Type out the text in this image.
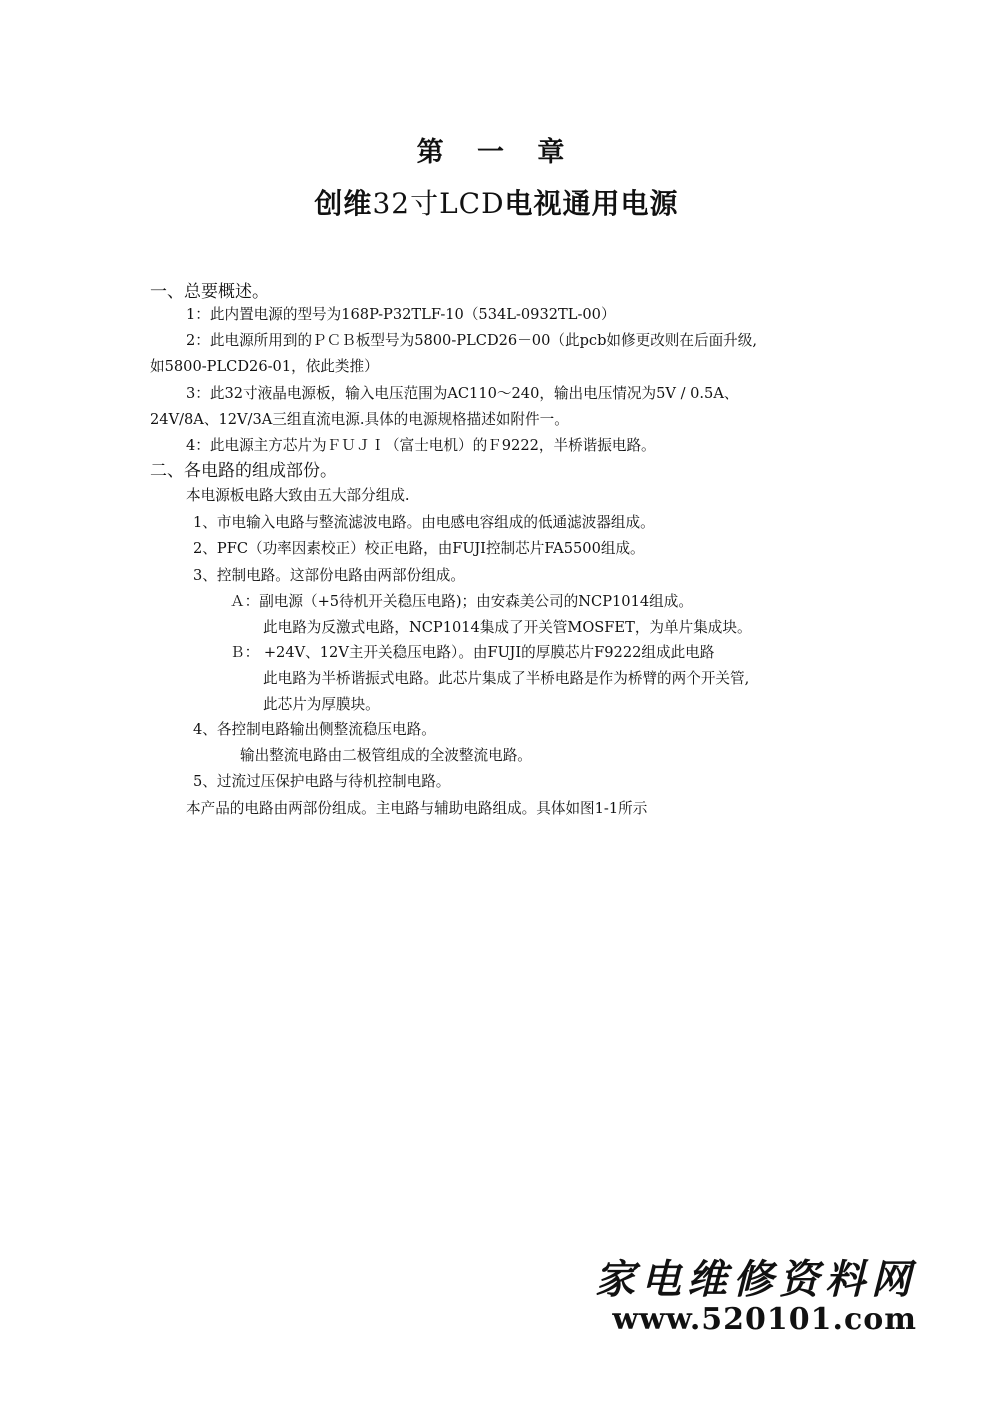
第 一 章
创维32寸LCD电视通用电源
一、总要概述。
1：此内置电源的型号为168P-P32TLF-10（534L-0932TL-00）
2：此电源所用到的ＰＣＢ板型号为5800-PLCD26－00（此pcb如修更改则在后面升级,
如5800-PLCD26-01，依此类推）
3：此32寸液晶电源板，输入电压范围为AC110～240，输出电压情况为5V / 0.5A、
24V/8A、12V/3A三组直流电源.具体的电源规格描述如附件一。
4：此电源主方芯片为ＦＵＪＩ（富士电机）的Ｆ9222，半桥谐振电路。
二、各电路的组成部份。
本电源板电路大致由五大部分组成.
1、市电输入电路与整流滤波电路。由电感电容组成的低通滤波器组成。
2、PFC（功率因素校正）校正电路，由FUJI控制芯片FA5500组成。
3、控制电路。这部份电路由两部份组成。
Ａ：副电源（+5待机开关稳压电路)；由安森美公司的NCP1014组成。
此电路为反激式电路，NCP1014集成了开关管MOSFET，为单片集成块。
Ｂ： +24V、12V主开关稳压电路）。由FUJI的厚膜芯片F9222组成此电路
此电路为半桥谐振式电路。此芯片集成了半桥电路是作为桥臂的两个开关管,
此芯片为厚膜块。
4、各控制电路输出侧整流稳压电路。
输出整流电路由二极管组成的全波整流电路。
5、过流过压保护电路与待机控制电路。
本产品的电路由两部份组成。主电路与辅助电路组成。具体如图1-1所示
家电维修资料网
www.520101.com
